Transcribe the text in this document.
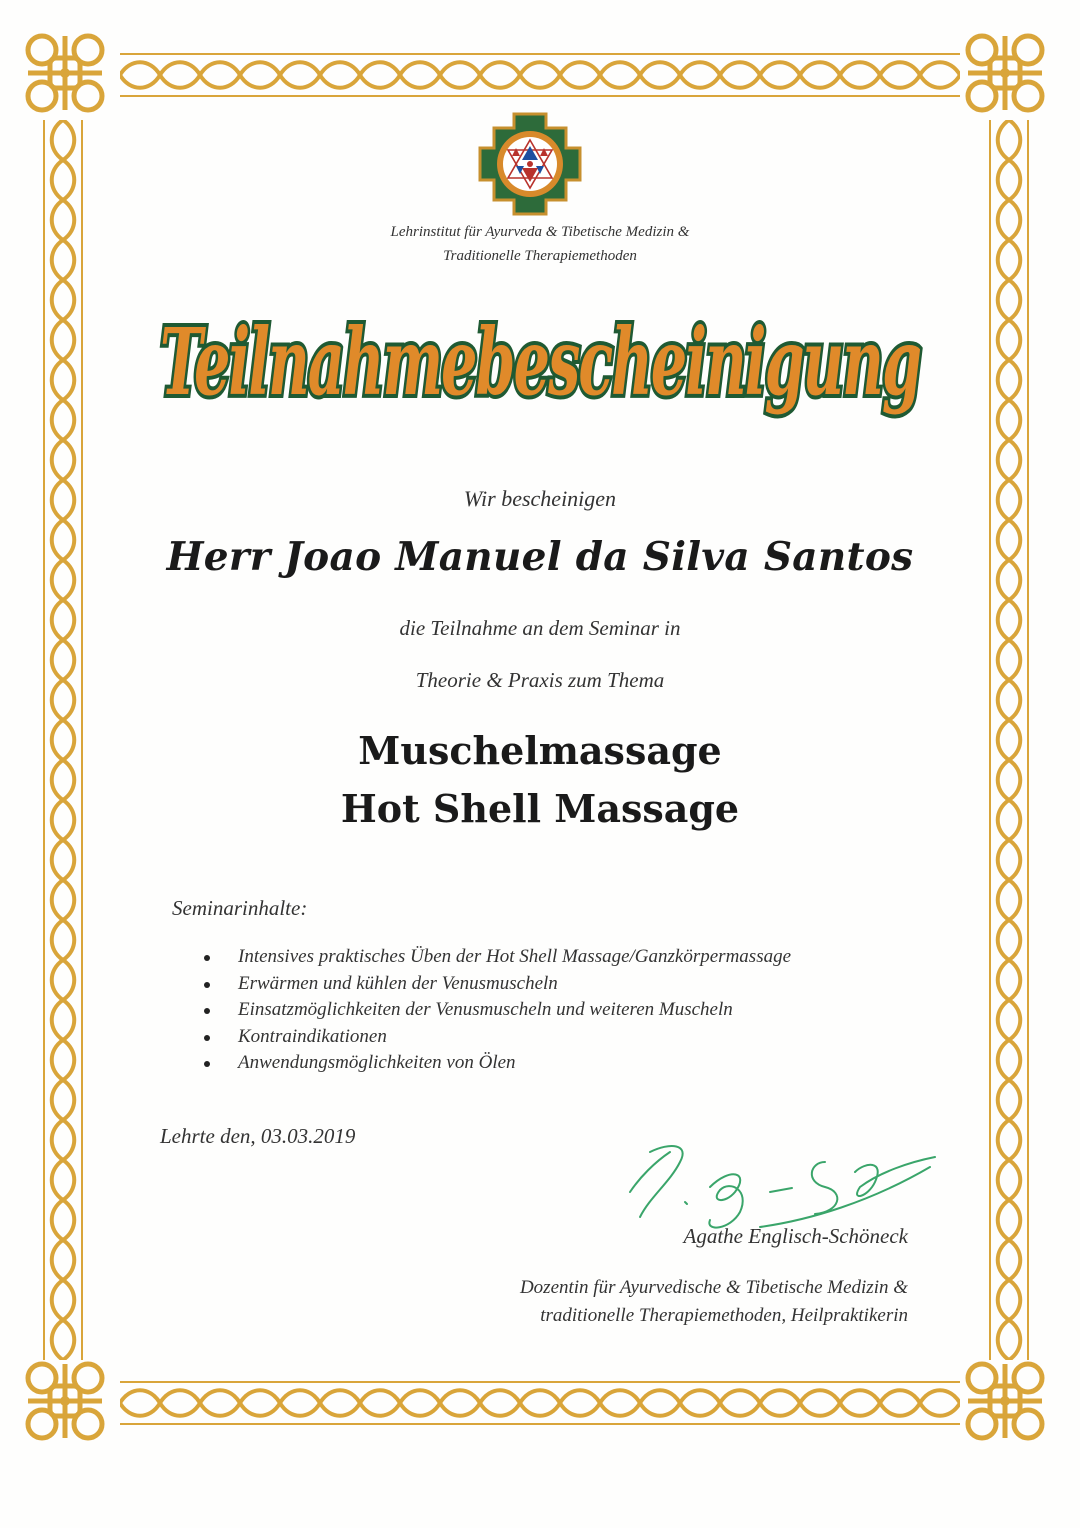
Lehrinstitut für Ayurveda & Tibetische Medizin &
Traditionelle Therapiemethoden
Teilnahmebescheinigung
Wir bescheinigen
Herr Joao Manuel da Silva Santos
die Teilnahme an dem Seminar in
Theorie & Praxis zum Thema
Muschelmassage
Hot Shell Massage
Seminarinhalte:
Intensives praktisches Üben der Hot Shell Massage/Ganzkörpermassage
Erwärmen und kühlen der Venusmuscheln
Einsatzmöglichkeiten der Venusmuscheln und weiteren Muscheln
Kontraindikationen
Anwendungsmöglichkeiten von Ölen
Lehrte den, 03.03.2019
Agathe Englisch-Schöneck
Dozentin für Ayurvedische & Tibetische Medizin &
traditionelle Therapiemethoden, Heilpraktikerin
